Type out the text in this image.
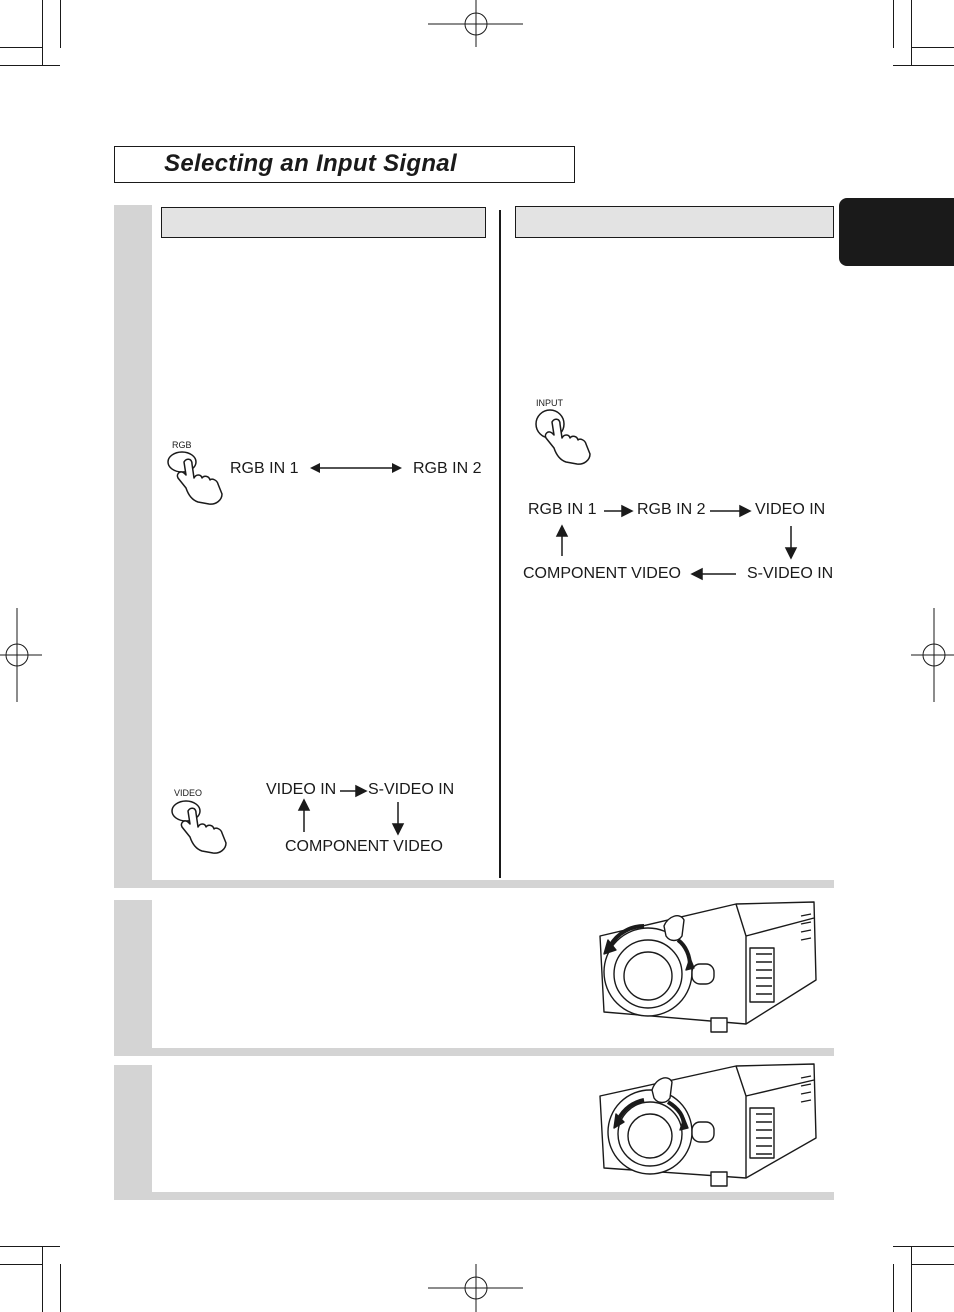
Selecting an Input Signal
RGB
RGB IN 1	RGB IN 2
VIDEO	VIDEO IN S-VIDEO IN
COMPONENT VIDEO
INPUT
RGB IN 1	RGB IN 2	VIDEO IN
S-VIDEO IN
COMPONENT VIDEO
